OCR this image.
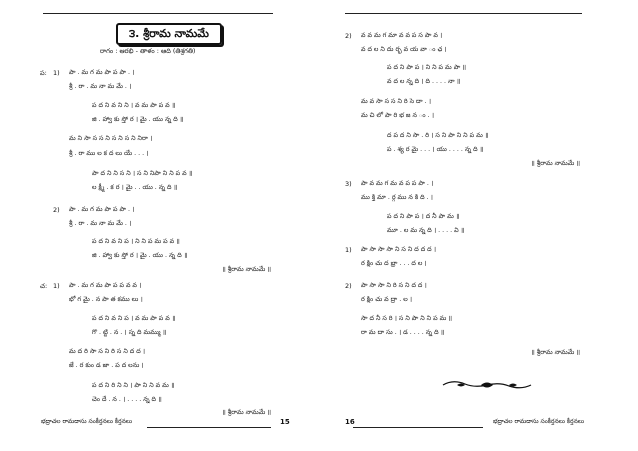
౩. శ్రీరామ నామమే
రాగం : ఆరభి - తాళం : ఆది (తిశ్రగతి)
ప: 1) పా . మ గ మ పా ప పా . ।
శ్రీ . రా . మ నా మ మే . ।
ప ద ని వ ని ని । వ మ పా ప వ ॥
జి . హ్వా కు స్తో ర । మై . యు న్న ది ॥
మ ని సా స స ని స ని స ని నిరా ।
శ్రీ . రా ము ల క ద లు యే . . . ।
పా ద ని ని స ని । స ని నిపా ని ని ప వ ॥
ల క్ష్మీ . క ర । మై . . యు . న్న ది ॥
2) పా . మ గ మ పా ప పా . ।
శ్రీ . రా . మ నా మ మే . ।
ప ద ని వ ని ప । ని ని ప మ ప వ ॥
జి . హ్వా కు స్తో ర । మై . యు . న్న ది ॥
॥ శ్రీరామ నామమే ॥
చ: 1) పా . మ గ మ పా ప ప వ వ ।
భో గ మై . న పా త కము లు ।
ప ద ని వ ని ప । వ మ పా ప వ ॥
గొ . ట్టి . న . । స్న ది మమ్ము ॥
మ ద రి సా స ని రి స ని ద ద ।
జే . ర కుం డ జా . ప ద లను ।
ప ద ని రి ని ని । పా ని ని వ మ ॥
చెం దే . న . । . . . . న్న ది ॥
॥ శ్రీరామ నామమే ॥
భద్రాచల రామదాసు సంకీర్తనలు కీర్తనలు	15
2) వ వ మ గ మా వ వ ప స పా వ ।
వ ద ల ని దు ర్భ వ య వా ం ఛ ।
ప ద ని పా ప । ని ని ప మ పా ॥
వ ద ల న్న ది । ది . . . . నా ॥
మ వ సా స స ని రి సె దా . ।
మ చి లో పా రి భ జ న ం . ।
ద ప ద ని సా . రి । స ని పా ని ని ప మ ॥
ప . శ్య ర మై . . . । యు . . . . న్న ది ॥
॥ శ్రీరామ నామమే ॥
3) పా వ మ గ మ వ ప ప పా . ।
ము క్తి మా . ర్గ ము న కి ది . ।
ప ద ని పా ప । ద నీ పా మ ॥
మూ . ల మ న్న ది । . . . . వి ॥
1) పా సా సా సా ని స ని ద ద ద ।
ర క్షిం చు ద భ్రా . . . ద ల ।
2) పా సా సా ని రి స ని ద ద ।
ర క్షిం చు వ ద్రా . ల ।
సా ద నీ స రి । స ని పా ని ని ప మ ॥
రా మ దా సు . । డ . . . . న్న ది ॥
॥ శ్రీరామ నామమే ॥
16	భద్రాచల రామదాసు సంకీర్తనలు కీర్తనలు
